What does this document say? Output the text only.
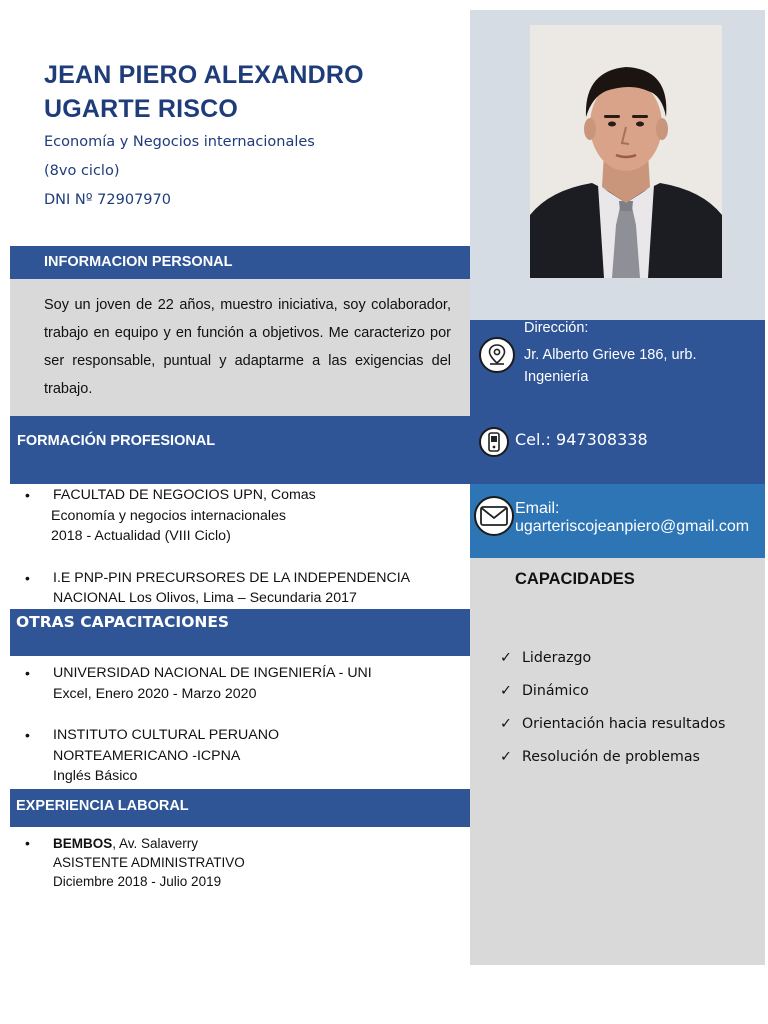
Dirección:
Jr. Alberto Grieve 186, urb.
Ingeniería
Cel.: 947308338
Email:
ugarteriscojeanpiero@gmail.com
CAPACIDADES
✓ Liderazgo
✓ Dinámico
✓ Orientación hacia resultados
✓ Resolución de problemas
JEAN PIERO ALEXANDRO
UGARTE RISCO
Economía y Negocios internacionales
(8vo ciclo)
DNI Nº 72907970
INFORMACION PERSONAL

Soy un joven de 22 años, muestro iniciativa, soy colaborador, trabajo en equipo y en función a objetivos. Me caracterizo por ser responsable, puntual y adaptarme a las exigencias del trabajo.

FORMACIÓN PROFESIONAL
• FACULTAD DE NEGOCIOS UPN, Comas
Economía y negocios internacionales
2018 - Actualidad (VIII Ciclo)
• I.E PNP-PIN PRECURSORES DE LA INDEPENDENCIA
NACIONAL Los Olivos, Lima – Secundaria 2017
OTRAS CAPACITACIONES
• UNIVERSIDAD NACIONAL DE INGENIERÍA - UNI
Excel, Enero 2020 - Marzo 2020
• INSTITUTO CULTURAL PERUANO
NORTEAMERICANO -ICPNA
Inglés Básico
EXPERIENCIA LABORAL
• BEMBOS, Av. Salaverry
ASISTENTE ADMINISTRATIVO
Diciembre 2018 - Julio 2019
